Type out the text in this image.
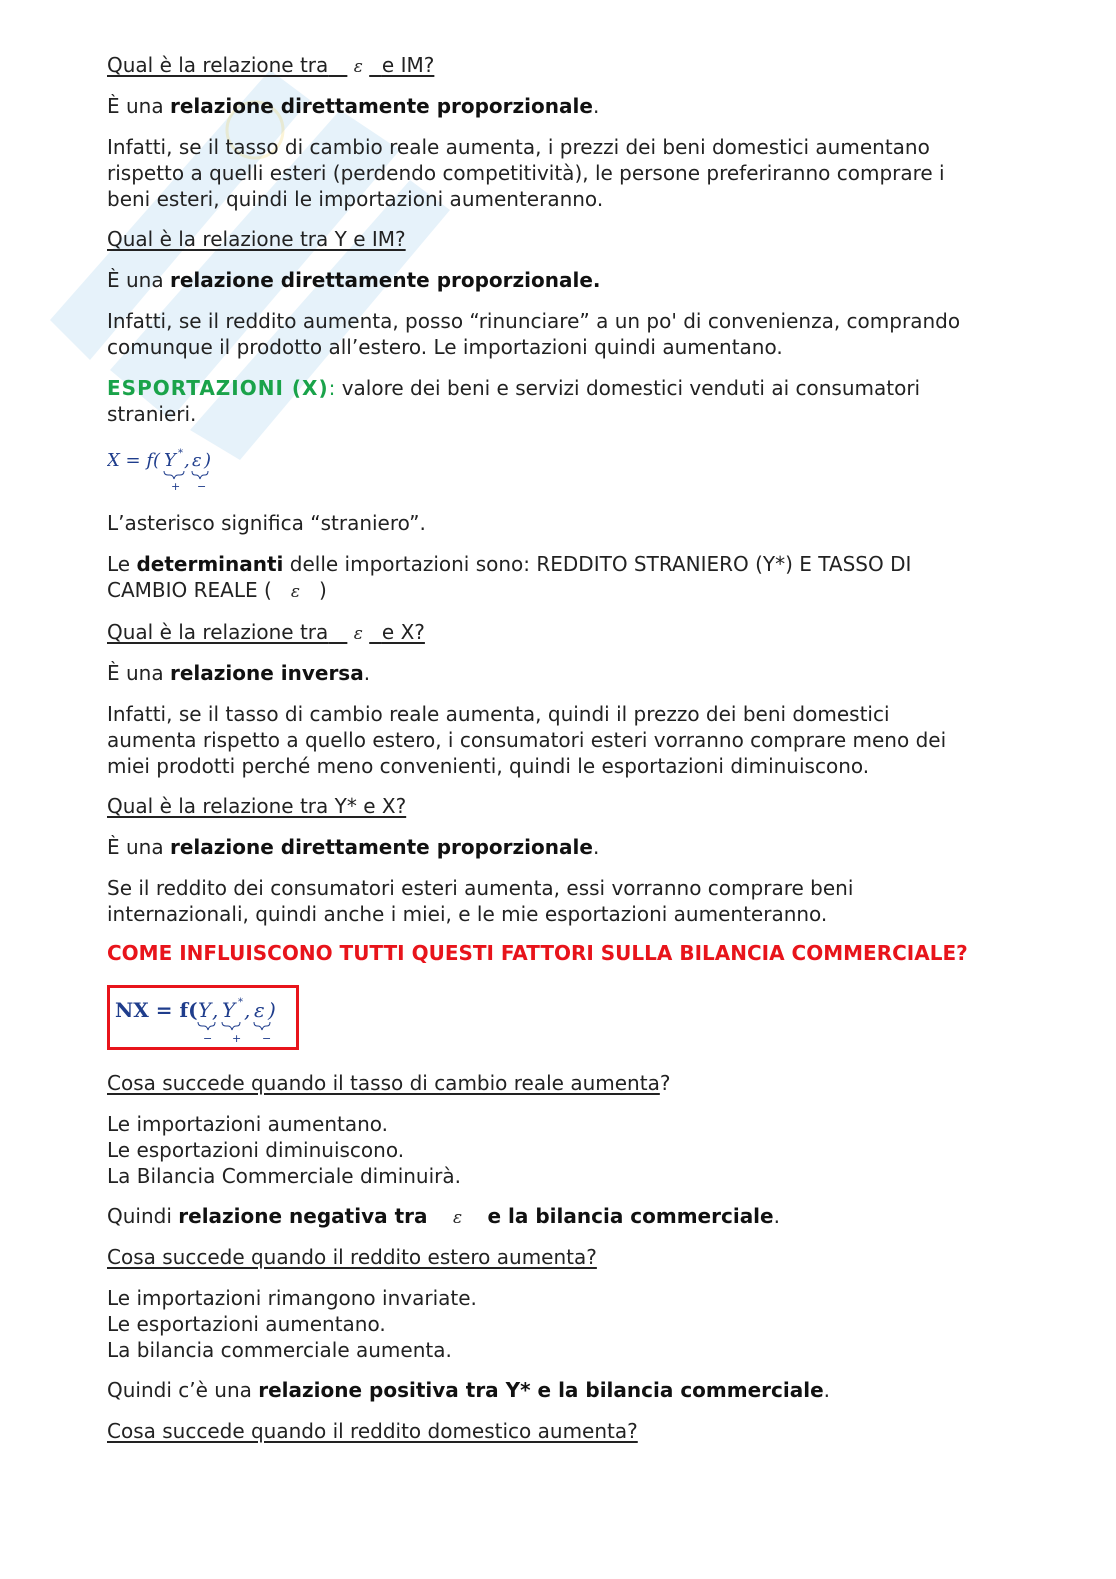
Qual è la relazione tra ε e IM?

È una relazione direttamente proporzionale.

Infatti, se il tasso di cambio reale aumenta, i prezzi dei beni domestici aumentano
rispetto a quelli esteri (perdendo competitività), le persone preferiranno comprare i
beni esteri, quindi le importazioni aumenteranno.

Qual è la relazione tra Y e IM?

È una relazione direttamente proporzionale.

Infatti, se il reddito aumenta, posso “rinunciare” a un po' di convenienza, comprando
comunque il prodotto all’estero. Le importazioni quindi aumentano.
ESPORTAZIONI (X): valore dei beni e servizi domestici venduti ai consumatori
stranieri.
X = f( Y * , ε )
+ −

L’asterisco significa “straniero”.

Le determinanti delle importazioni sono: REDDITO STRANIERO (Y*) E TASSO DI
CAMBIO REALE (   ε   )

Qual è la relazione tra ε e X?

È una relazione inversa.

Infatti, se il tasso di cambio reale aumenta, quindi il prezzo dei beni domestici
aumenta rispetto a quello estero, i consumatori esteri vorranno comprare meno dei
miei prodotti perché meno convenienti, quindi le esportazioni diminuiscono.

Qual è la relazione tra Y* e X?

È una relazione direttamente proporzionale.

Se il reddito dei consumatori esteri aumenta, essi vorranno comprare beni
internazionali, quindi anche i miei, e le mie esportazioni aumenteranno.

COME INFLUISCONO TUTTI QUESTI FATTORI SULLA BILANCIA COMMERCIALE?

NX = f( Y , Y * , ε )
− + −

Cosa succede quando il tasso di cambio reale aumenta?

Le importazioni aumentano.
Le esportazioni diminuiscono.
La Bilancia Commerciale diminuirà.

Quindi relazione negativa tra ε e la bilancia commerciale.

Cosa succede quando il reddito estero aumenta?

Le importazioni rimangono invariate.
Le esportazioni aumentano.
La bilancia commerciale aumenta.

Quindi c’è una relazione positiva tra Y* e la bilancia commerciale.

Cosa succede quando il reddito domestico aumenta?
